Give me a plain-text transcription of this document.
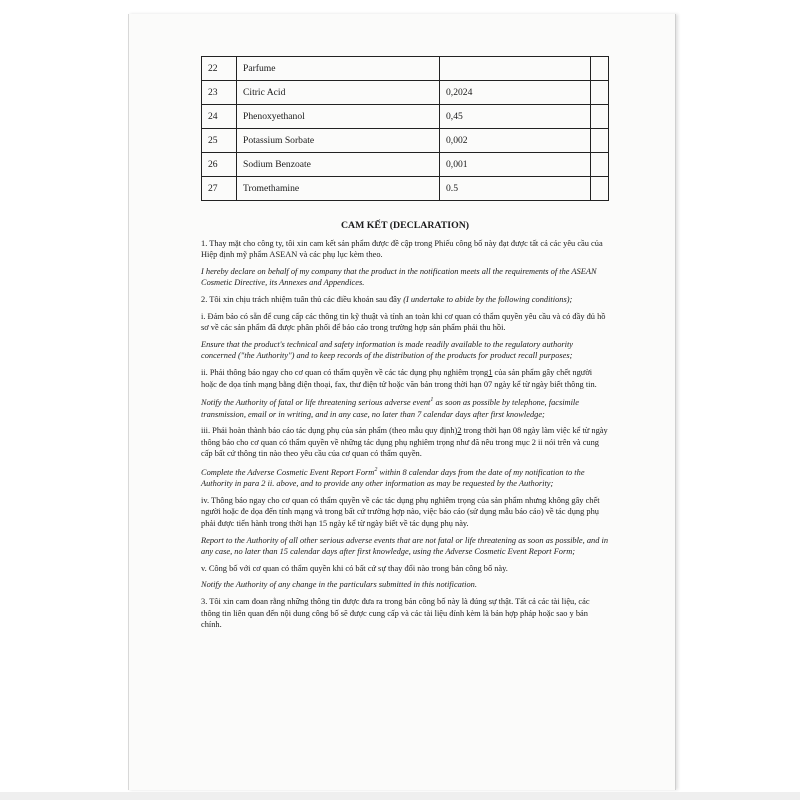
22	Parfume		
23	Citric Acid	0,2024	
24	Phenoxyethanol	0,45	
25	Potassium Sorbate	0,002	
26	Sodium Benzoate	0,001	
27	Tromethamine	0.5	
CAM KẾT (DECLARATION)

1. Thay mặt cho công ty, tôi xin cam kết sản phẩm được đề cập trong Phiếu công bố này đạt được tất cả các yêu cầu của Hiệp định mỹ phẩm ASEAN và các phụ lục kèm theo.

I hereby declare on behalf of my company that the product in the notification meets all the requirements of the ASEAN Cosmetic Directive, its Annexes and Appendices.

2. Tôi xin chịu trách nhiệm tuân thủ các điều khoản sau đây (I undertake to abide by the following conditions);

i. Đảm bảo có sẵn để cung cấp các thông tin kỹ thuật và tính an toàn khi cơ quan có thẩm quyền yêu cầu và có đầy đủ hồ sơ về các sản phẩm đã được phân phối để báo cáo trong trường hợp sản phẩm phải thu hồi.

Ensure that the product's technical and safety information is made readily available to the regulatory authority concerned ("the Authority") and to keep records of the distribution of the products for product recall purposes;

ii. Phải thông báo ngay cho cơ quan có thẩm quyền về các tác dụng phụ nghiêm trọng1 của sản phẩm gây chết người hoặc đe dọa tính mạng bằng điện thoại, fax, thư điện tử hoặc văn bản trong thời hạn 07 ngày kể từ ngày biết thông tin.

Notify the Authority of fatal or life threatening serious adverse event$^1$ as soon as possible by telephone, facsimile transmission, email or in writing, and in any case, no later than 7 calendar days after first knowledge;

iii. Phải hoàn thành báo cáo tác dụng phụ của sản phẩm (theo mẫu quy định)2 trong thời hạn 08 ngày làm việc kể từ ngày thông báo cho cơ quan có thẩm quyền về những tác dụng phụ nghiêm trọng như đã nêu trong mục 2 ii nói trên và cung cấp bất cứ thông tin nào theo yêu cầu của cơ quan có thẩm quyền.

Complete the Adverse Cosmetic Event Report Form$^2$ within 8 calendar days from the date of my notification to the Authority in para 2 ii. above, and to provide any other information as may be requested by the Authority;

iv. Thông báo ngay cho cơ quan có thẩm quyền về các tác dụng phụ nghiêm trọng của sản phẩm nhưng không gây chết người hoặc đe dọa đến tính mạng và trong bất cứ trường hợp nào, việc báo cáo (sử dụng mẫu báo cáo) về tác dụng phụ phải được tiến hành trong thời hạn 15 ngày kể từ ngày biết về tác dụng phụ này.

Report to the Authority of all other serious adverse events that are not fatal or life threatening as soon as possible, and in any case, no later than 15 calendar days after first knowledge, using the Adverse Cosmetic Event Report Form;

v. Công bố với cơ quan có thẩm quyền khi có bất cứ sự thay đổi nào trong bản công bố này.

Notify the Authority of any change in the particulars submitted in this notification.

3. Tôi xin cam đoan rằng những thông tin được đưa ra trong bản công bố này là đúng sự thật. Tất cả các tài liệu, các thông tin liên quan đến nội dung công bố sẽ được cung cấp và các tài liệu đính kèm là bản hợp pháp hoặc sao y bản chính.
